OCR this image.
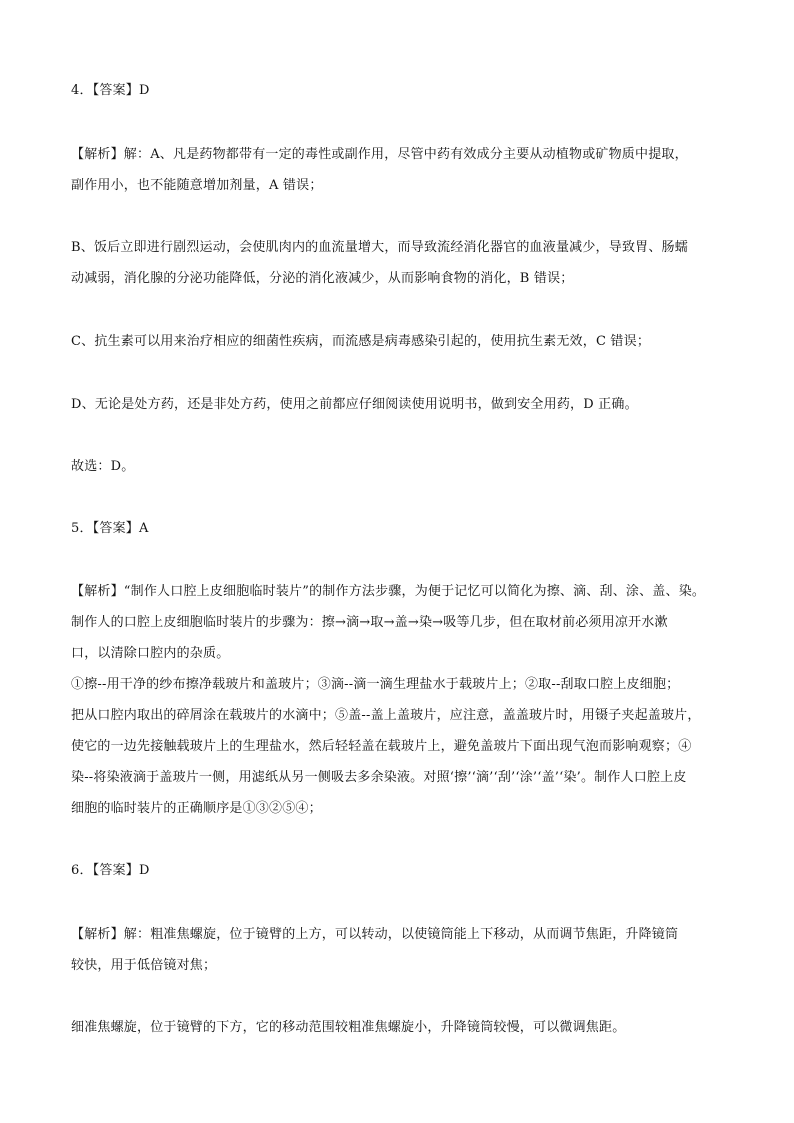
4．【答案】D
【解析】解：A、凡是药物都带有一定的毒性或副作用，尽管中药有效成分主要从动植物或矿物质中提取，
副作用小，也不能随意增加剂量，A 错误；
B、饭后立即进行剧烈运动，会使肌肉内的血流量增大，而导致流经消化器官的血液量减少，导致胃、肠蠕
动减弱，消化腺的分泌功能降低，分泌的消化液减少，从而影响食物的消化，B 错误；
C、抗生素可以用来治疗相应的细菌性疾病，而流感是病毒感染引起的，使用抗生素无效，C 错误；
D、无论是处方药，还是非处方药，使用之前都应仔细阅读使用说明书，做到安全用药，D 正确。
故选：D。
5．【答案】A
【解析】“制作人口腔上皮细胞临时装片”的制作方法步骤，为便于记忆可以简化为擦、滴、刮、涂、盖、染。
制作人的口腔上皮细胞临时装片的步骤为：擦→滴→取→盖→染→吸等几步，但在取材前必须用凉开水漱
口，以清除口腔内的杂质。
①擦--用干净的纱布擦净载玻片和盖玻片；③滴--滴一滴生理盐水于载玻片上；②取--刮取口腔上皮细胞；
把从口腔内取出的碎屑涂在载玻片的水滴中；⑤盖--盖上盖玻片，应注意，盖盖玻片时，用镊子夹起盖玻片，
使它的一边先接触载玻片上的生理盐水，然后轻轻盖在载玻片上，避免盖玻片下面出现气泡而影响观察；④
染--将染液滴于盖玻片一侧，用滤纸从另一侧吸去多余染液。对照‘擦’‘滴’‘刮’‘涂’‘盖’‘染’。制作人口腔上皮
细胞的临时装片的正确顺序是①③②⑤④；
6．【答案】D
【解析】解：粗准焦螺旋，位于镜臂的上方，可以转动，以使镜筒能上下移动，从而调节焦距，升降镜筒
较快，用于低倍镜对焦；
细准焦螺旋，位于镜臂的下方，它的移动范围较粗准焦螺旋小，升降镜筒较慢，可以微调焦距。
